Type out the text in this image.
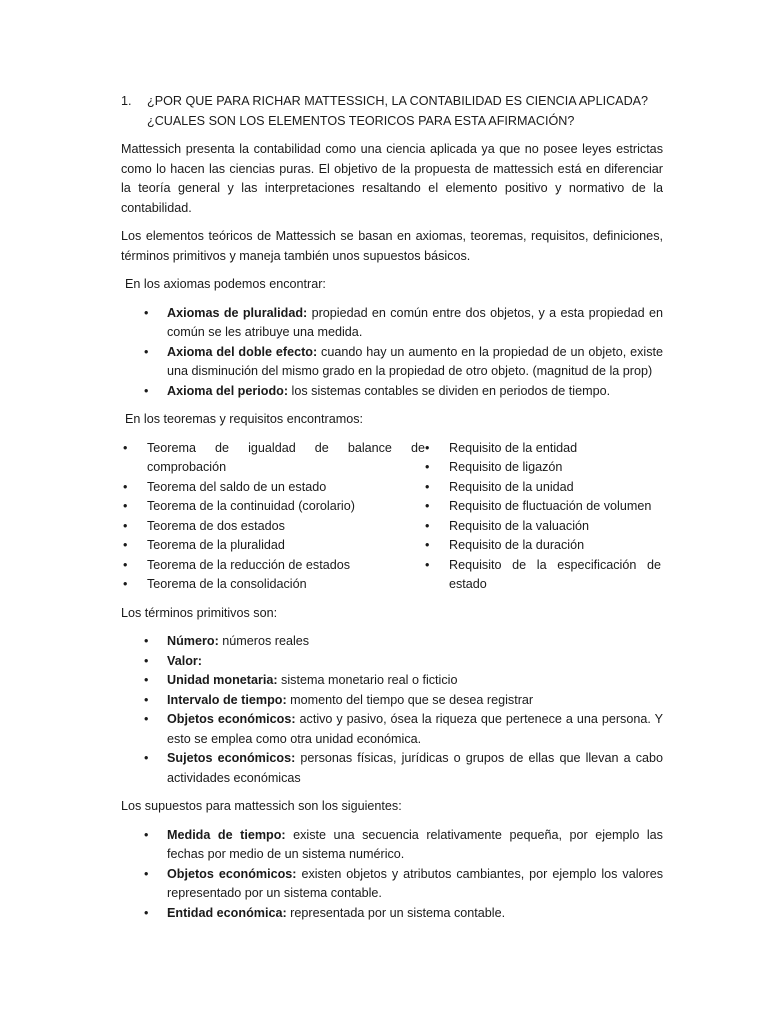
1.	¿POR QUE PARA RICHAR MATTESSICH, LA CONTABILIDAD ES CIENCIA APLICADA? ¿CUALES SON LOS ELEMENTOS TEORICOS PARA ESTA AFIRMACIÓN?

Mattessich presenta la contabilidad como una ciencia aplicada ya que no posee leyes estrictas como lo hacen las ciencias puras. El objetivo de la propuesta de mattessich está en diferenciar la teoría general y las interpretaciones resaltando el elemento positivo y normativo de la contabilidad.

Los elementos teóricos de Mattessich se basan en axiomas, teoremas, requisitos, definiciones, términos primitivos y maneja también unos supuestos básicos.

En los axiomas podemos encontrar:

• Axiomas de pluralidad: propiedad en común entre dos objetos, y a esta propiedad en común se les atribuye una medida.
• Axioma del doble efecto: cuando hay un aumento en la propiedad de un objeto, existe una disminución del mismo grado en la propiedad de otro objeto. (magnitud de la prop)
• Axioma del periodo: los sistemas contables se dividen en periodos de tiempo.

En los teoremas y requisitos encontramos:

• Teorema de igualdad de balance de comprobación
• Teorema del saldo de un estado
• Teorema de la continuidad (corolario)
• Teorema de dos estados
• Teorema de la pluralidad
• Teorema de la reducción de estados
• Teorema de la consolidación
• Requisito de la entidad
• Requisito de ligazón
• Requisito de la unidad
• Requisito de fluctuación de volumen
• Requisito de la valuación
• Requisito de la duración
• Requisito de la especificación de estado

Los términos primitivos son:

• Número: números reales
• Valor:
• Unidad monetaria: sistema monetario real o ficticio
• Intervalo de tiempo: momento del tiempo que se desea registrar
• Objetos económicos: activo y pasivo, ósea la riqueza que pertenece a una persona. Y esto se emplea como otra unidad económica.
• Sujetos económicos: personas físicas, jurídicas o grupos de ellas que llevan a cabo actividades económicas

Los supuestos para mattessich son los siguientes:

• Medida de tiempo: existe una secuencia relativamente pequeña, por ejemplo las fechas por medio de un sistema numérico.
• Objetos económicos: existen objetos y atributos cambiantes, por ejemplo los valores representado por un sistema contable.
• Entidad económica: representada por un sistema contable.
